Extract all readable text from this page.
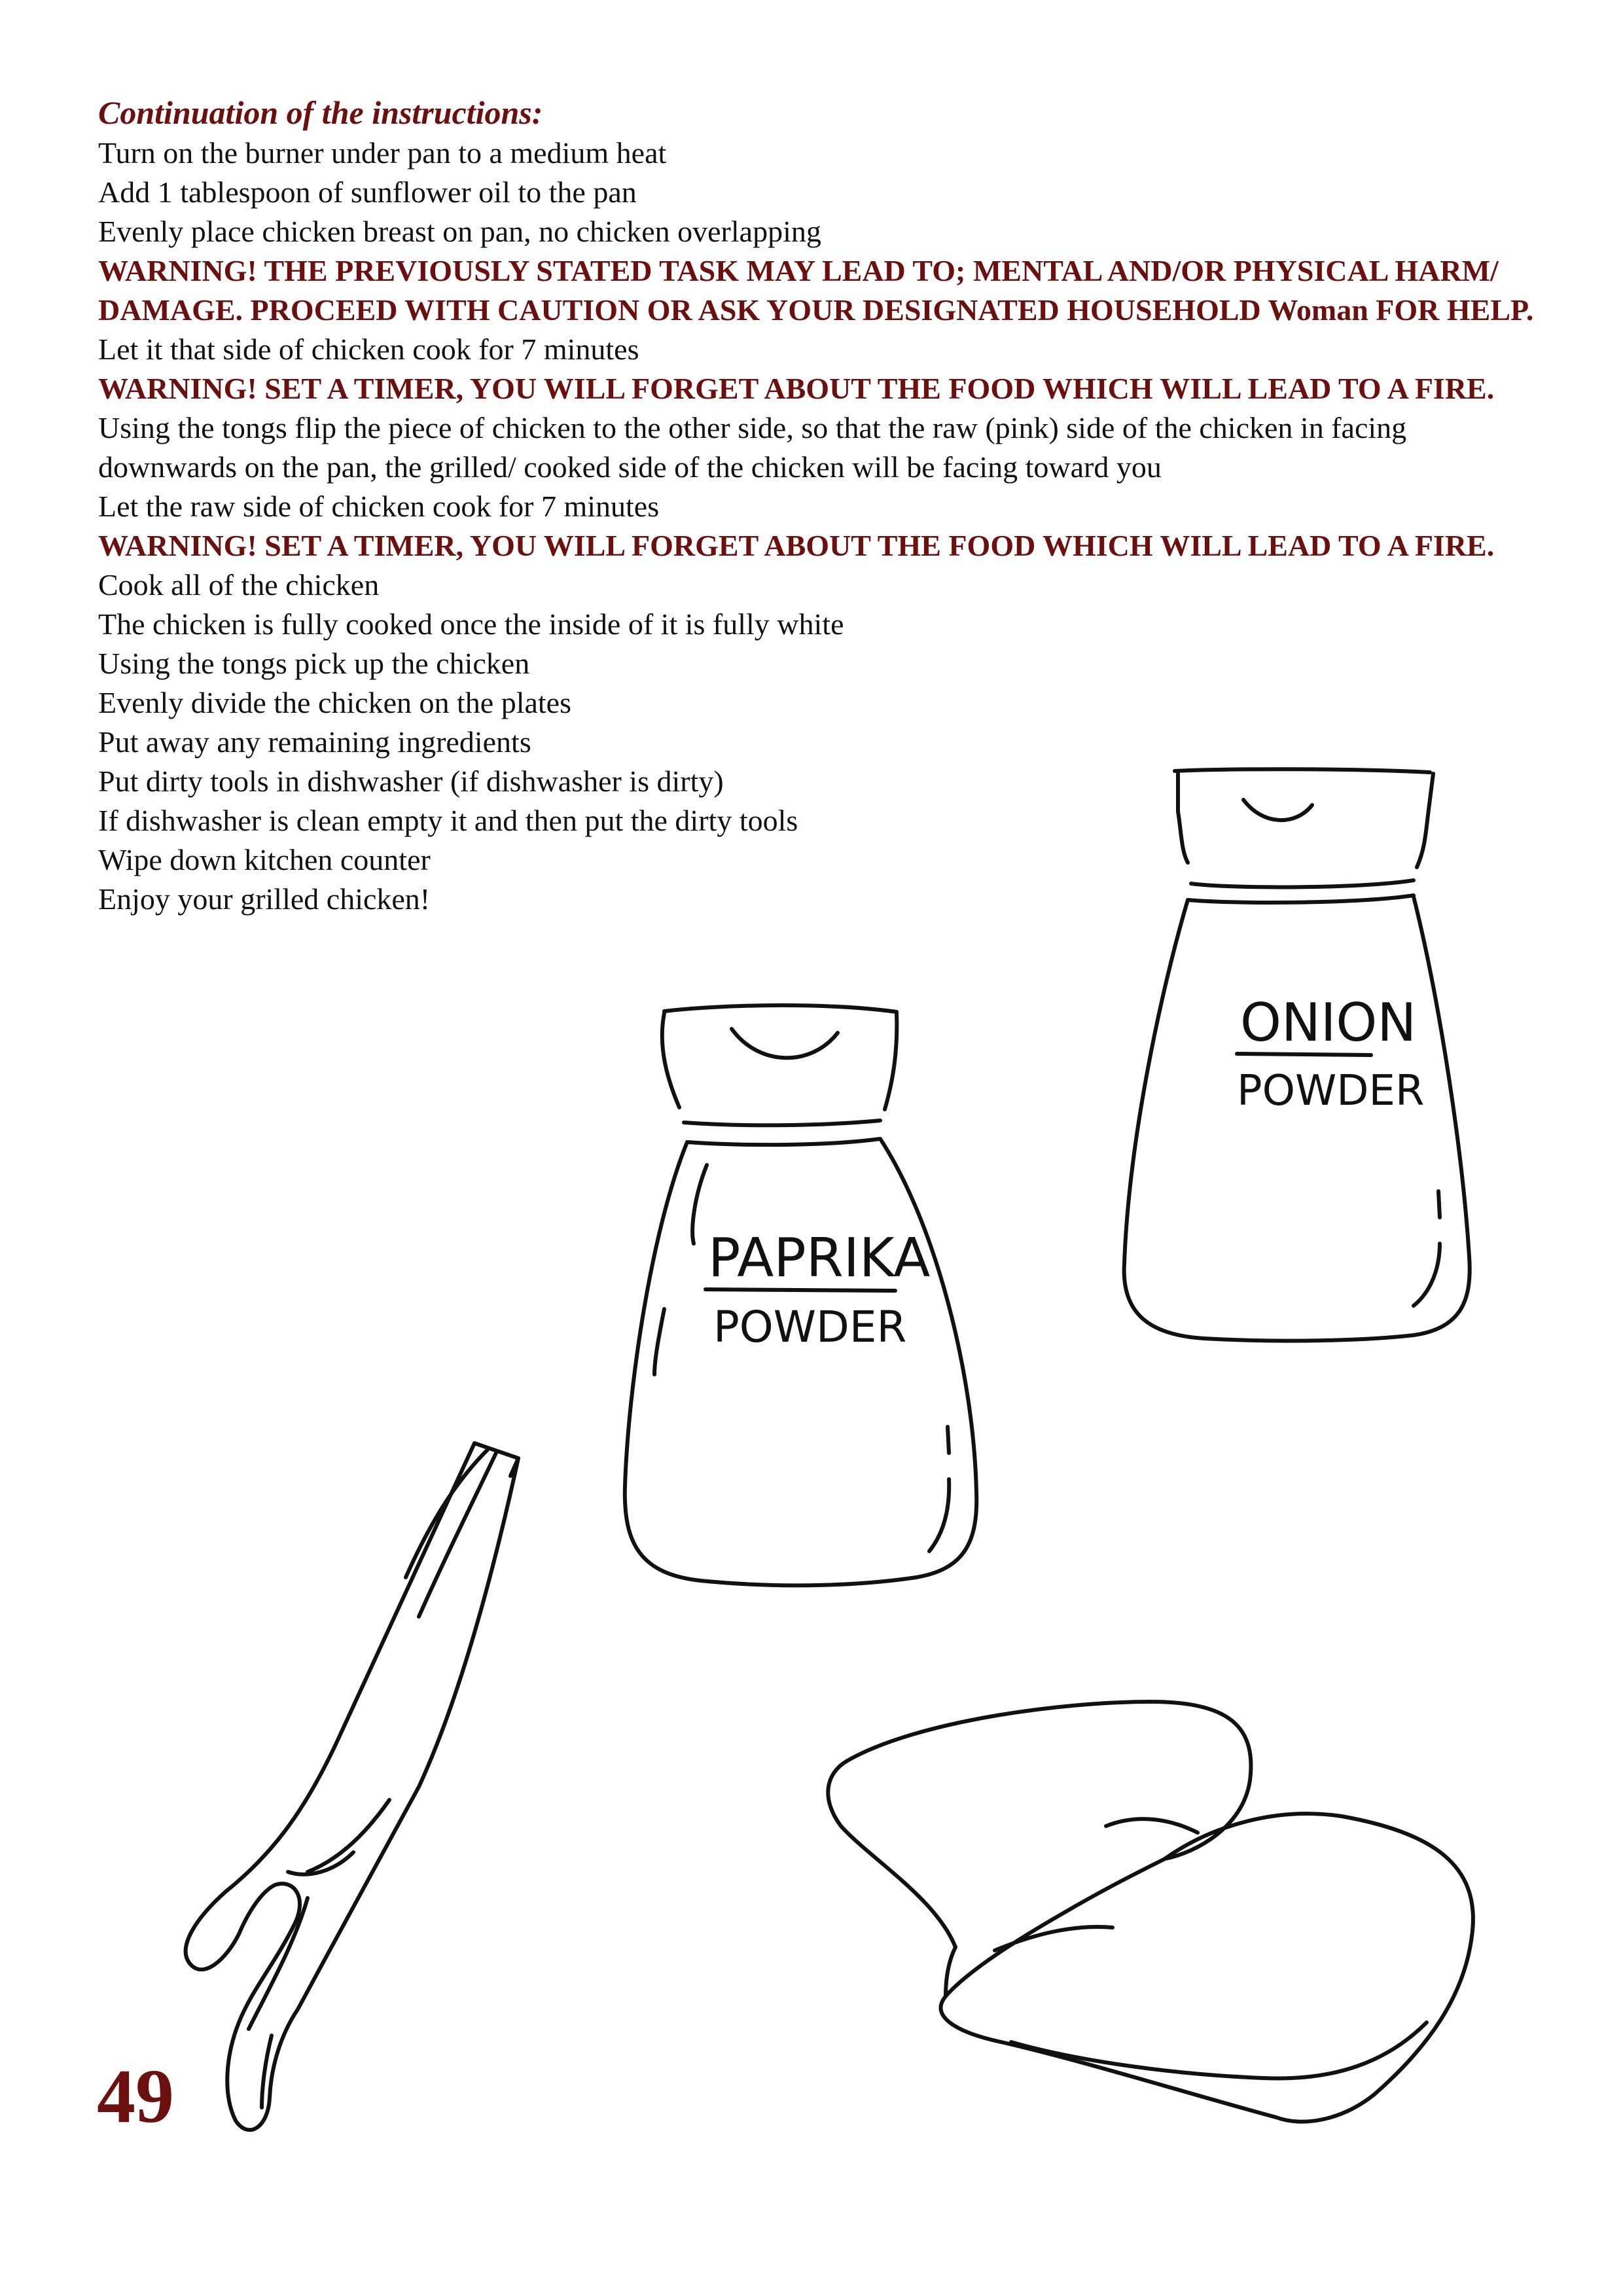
Continuation of the instructions:

Turn on the burner under pan to a medium heat

Add 1 tablespoon of sunflower oil to the pan

Evenly place chicken breast on pan, no chicken overlapping

WARNING! THE PREVIOUSLY STATED TASK MAY LEAD TO; MENTAL AND/OR PHYSICAL HARM/ DAMAGE. PROCEED WITH CAUTION OR ASK YOUR DESIGNATED HOUSEHOLD Woman FOR HELP.

Let it that side of chicken cook for 7 minutes

WARNING! SET A TIMER, YOU WILL FORGET ABOUT THE FOOD WHICH WILL LEAD TO A FIRE.

Using the tongs flip the piece of chicken to the other side, so that the raw (pink) side of the chicken in facing downwards on the pan, the grilled/ cooked side of the chicken will be facing toward you

Let the raw side of chicken cook for 7 minutes

WARNING! SET A TIMER, YOU WILL FORGET ABOUT THE FOOD WHICH WILL LEAD TO A FIRE.

Cook all of the chicken

The chicken is fully cooked once the inside of it is fully white

Using the tongs pick up the chicken

Evenly divide the chicken on the plates

Put away any remaining ingredients

Put dirty tools in dishwasher (if dishwasher is dirty)

If dishwasher is clean empty it and then put the dirty tools

Wipe down kitchen counter

Enjoy your grilled chicken!

ONION
POWDER
PAPRIKA
POWDER

49
